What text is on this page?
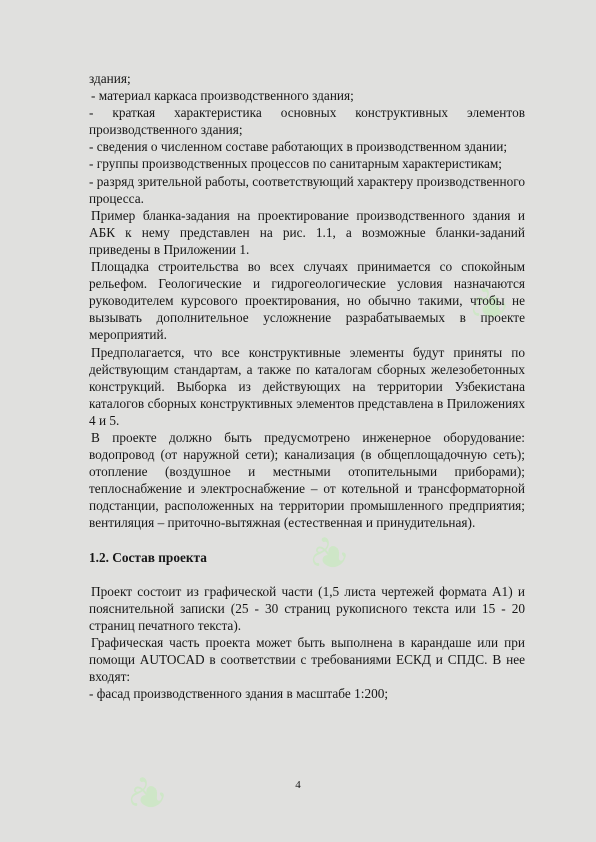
❦
❦
❦

здания;

- материал каркаса производственного здания;

- краткая характеристика основных конструктивных элементов производственного здания;

- сведения о численном составе работающих в производственном здании;

- группы производственных процессов по санитарным характеристикам;

- разряд зрительной работы, соответствующий характеру производственного процесса.

Пример бланка-задания на проектирование производственного здания и АБК к нему представлен на рис. 1.1, а возможные бланки-заданий приведены в Приложении 1.

Площадка строительства во всех случаях принимается со спокойным рельефом. Геологические и гидрогеологические условия назначаются руководителем курсового проектирования, но обычно такими, чтобы не вызывать дополнительное усложнение разрабатываемых в проекте мероприятий.

Предполагается, что все конструктивные элементы будут приняты по действующим стандартам, а также по каталогам сборных железобетонных конструкций. Выборка из действующих на территории Узбекистана каталогов сборных конструктивных элементов представлена в Приложениях 4 и 5.

В проекте должно быть предусмотрено инженерное оборудование: водопровод (от наружной сети); канализация (в общеплощадочную сеть); отопление (воздушное и местными отопительными приборами); теплоснабжение и электроснабжение – от котельной и трансформаторной подстанции, расположенных на территории промышленного предприятия; вентиляция – приточно-вытяжная (естественная и принудительная).

1.2. Состав проекта

Проект состоит из графической части (1,5 листа чертежей формата А1) и пояснительной записки (25 - 30 страниц рукописного текста или 15 - 20 страниц печатного текста).

Графическая часть проекта может быть выполнена в карандаше или при помощи AUTOCAD в соответствии с требованиями ЕСКД и СПДС. В нее входят:

- фасад производственного здания в масштабе 1:200;

4
